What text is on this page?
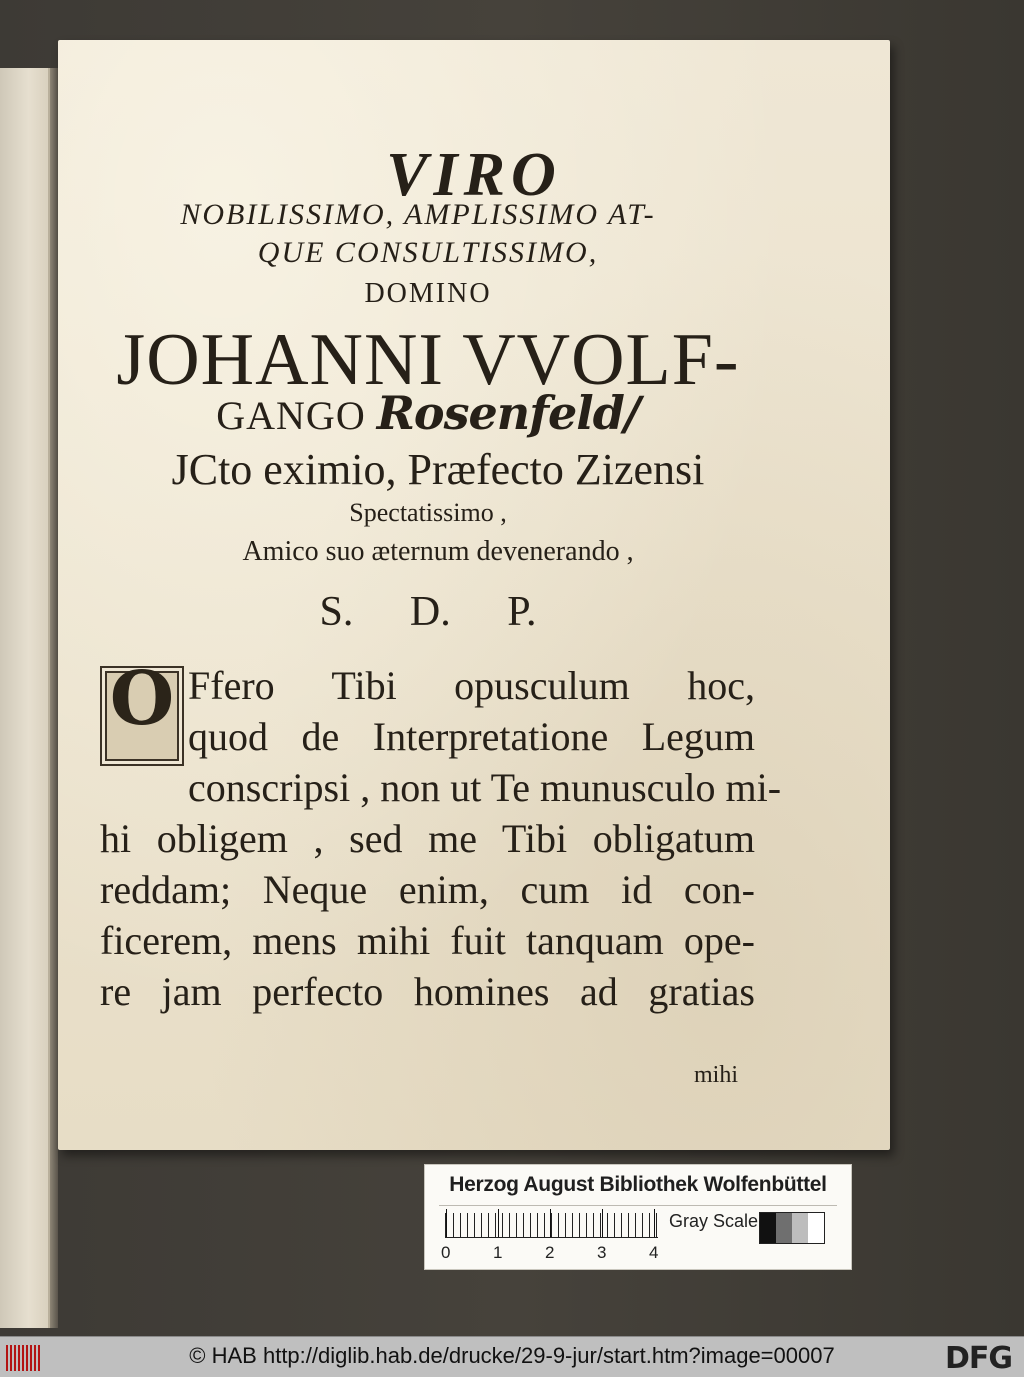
VIRO
NOBILISSIMO, AMPLISSIMO AT-
QUE CONSULTISSIMO,
DOMINO
JOHANNI VVOLF-
GANGO Rosenfeld/
JCto eximio, Præfecto Zizensi
Spectatissimo ,
Amico suo æternum devenerando ,
S. D. P.
O Ffero Tibi opusculum hoc,
quod de Interpretatione Legum
conscripsi , non ut Te munusculo mi-
hi obligem , sed me Tibi obligatum
reddam; Neque enim, cum id con-
ficerem, mens mihi fuit tanquam ope-
re jam perfecto homines ad gratias
mihi
Herzog August Bibliothek Wolfenbüttel
0	1	2	3	4
Gray Scale
© HAB http://diglib.hab.de/drucke/29-9-jur/start.htm?image=00007	DFG
